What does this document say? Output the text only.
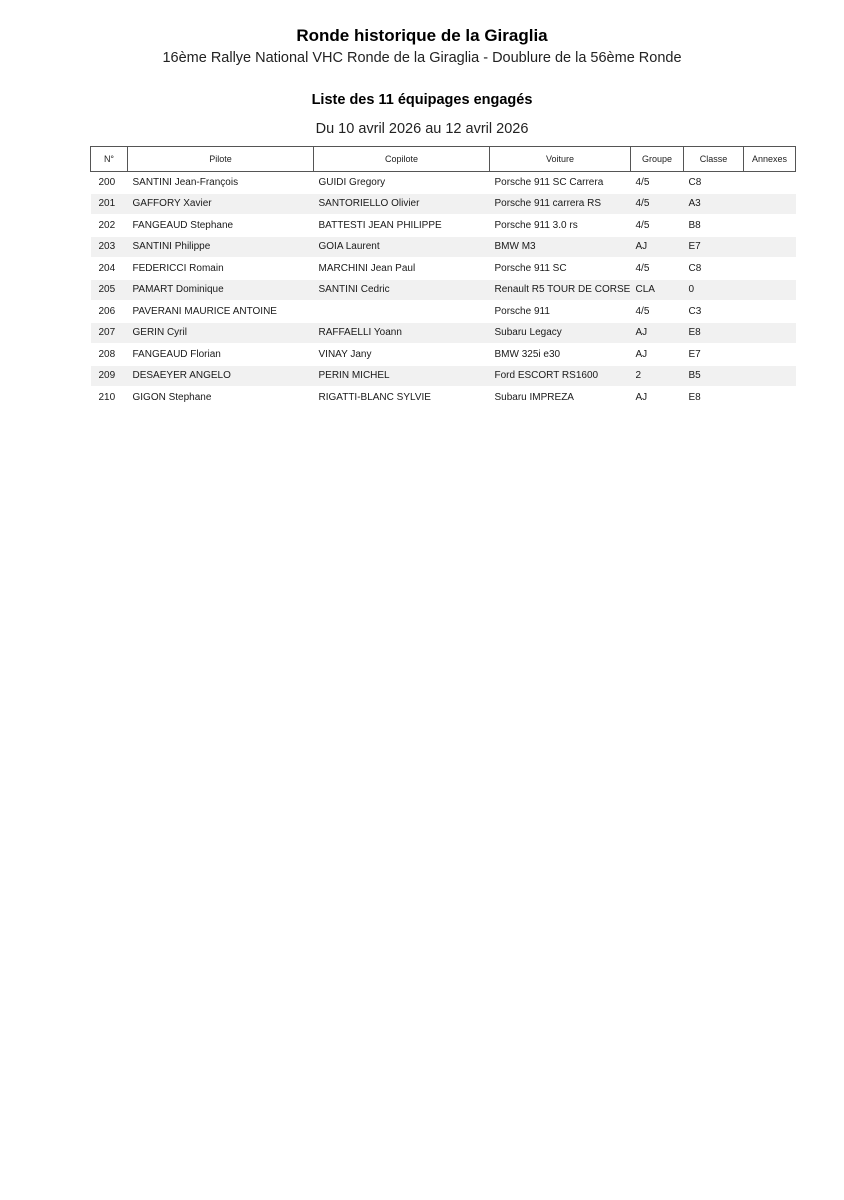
Ronde historique de la Giraglia
16ème Rallye National VHC Ronde de la Giraglia - Doublure de la 56ème Ronde
Liste des 11 équipages engagés
Du 10 avril 2026 au 12 avril 2026
N°	Pilote	Copilote	Voiture	Groupe	Classe	Annexes
200	SANTINI Jean-François	GUIDI Gregory	Porsche 911 SC Carrera	4/5	C8	
201	GAFFORY Xavier	SANTORIELLO Olivier	Porsche 911 carrera RS	4/5	A3	
202	FANGEAUD Stephane	BATTESTI JEAN PHILIPPE	Porsche 911 3.0 rs	4/5	B8	
203	SANTINI Philippe	GOIA Laurent	BMW M3	AJ	E7	
204	FEDERICCI Romain	MARCHINI Jean Paul	Porsche 911 SC	4/5	C8	
205	PAMART Dominique	SANTINI Cedric	Renault R5 TOUR DE CORSE	CLA	0	
206	PAVERANI MAURICE ANTOINE		Porsche 911	4/5	C3	
207	GERIN Cyril	RAFFAELLI Yoann	Subaru Legacy	AJ	E8	
208	FANGEAUD Florian	VINAY Jany	BMW 325i e30	AJ	E7	
209	DESAEYER ANGELO	PERIN MICHEL	Ford ESCORT RS1600	2	B5	
210	GIGON Stephane	RIGATTI-BLANC SYLVIE	Subaru IMPREZA	AJ	E8	
